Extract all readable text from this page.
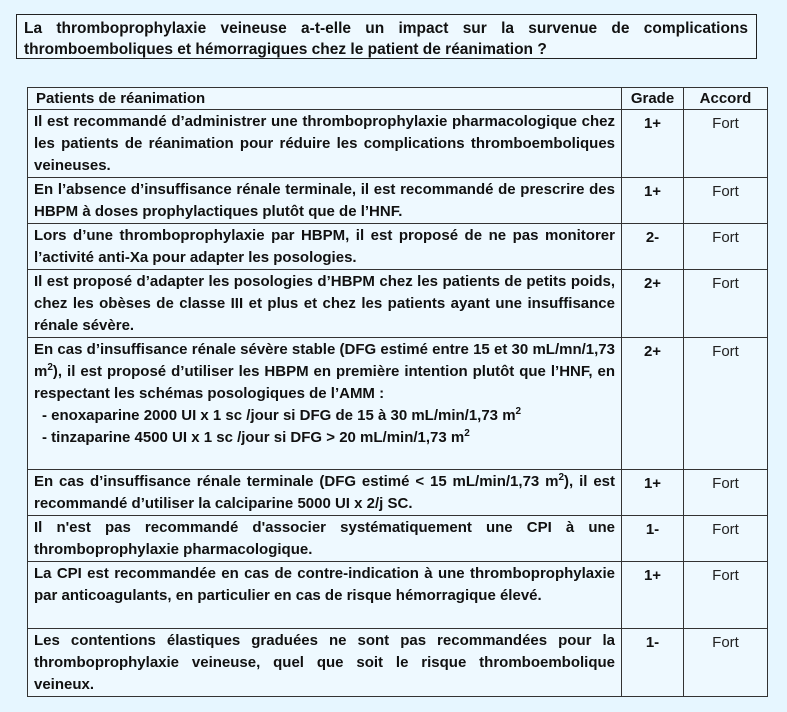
La thromboprophylaxie veineuse a-t-elle un impact sur la survenue de complications
thromboemboliques et hémorragiques chez le patient de réanimation ?
Patients de réanimation	Grade	Accord
Il est recommandé d’administrer une thromboprophylaxie pharmacologique chez les patients de réanimation pour réduire les complications thromboemboliques veineuses.	1+	Fort
En l’absence d’insuffisance rénale terminale, il est recommandé de prescrire des HBPM à doses prophylactiques plutôt que de l’HNF.	1+	Fort
Lors d’une thromboprophylaxie par HBPM, il est proposé de ne pas monitorer l’activité anti-Xa pour adapter les posologies.	2-	Fort
Il est proposé d’adapter les posologies d’HBPM chez les patients de petits poids, chez les obèses de classe III et plus et chez les patients ayant une insuffisance rénale sévère.	2+	Fort
En cas d’insuffisance rénale sévère stable (DFG estimé entre 15 et 30 mL/mn/1,73 $m^2$), il est proposé d’utiliser les HBPM en première intention plutôt que l’HNF, en respectant les schémas posologiques de l’AMM :
- enoxaparine 2000 UI x 1 sc /jour si DFG de 15 à 30 mL/min/1,73 $m^2$
- tinzaparine 4500 UI x 1 sc /jour si DFG > 20 mL/min/1,73 $m^2$	2+	Fort
En cas d’insuffisance rénale terminale (DFG estimé < 15 mL/min/1,73 $m^2$), il est recommandé d’utiliser la calciparine 5000 UI x 2/j SC.	1+	Fort
Il n'est pas recommandé d'associer systématiquement une CPI à une thromboprophylaxie pharmacologique.	1-	Fort
La CPI est recommandée en cas de contre-indication à une thromboprophylaxie par anticoagulants, en particulier en cas de risque hémorragique élevé.	1+	Fort
Les contentions élastiques graduées ne sont pas recommandées pour la thromboprophylaxie veineuse, quel que soit le risque thromboembolique veineux.	1-	Fort
